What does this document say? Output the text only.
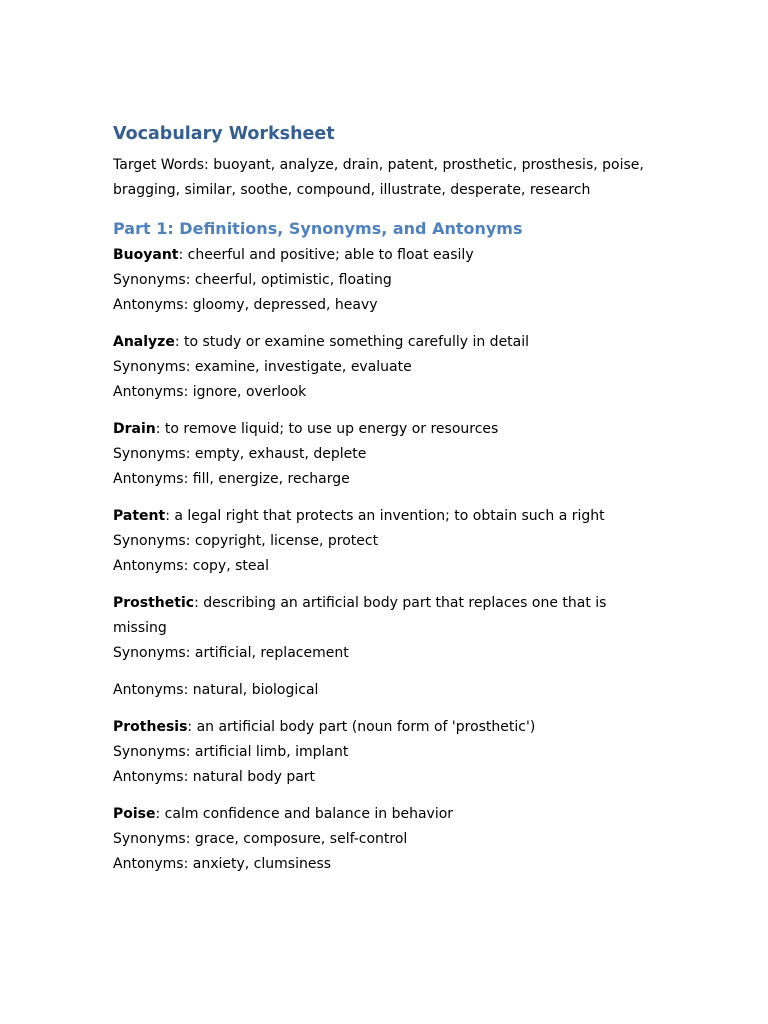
Vocabulary Worksheet

Target Words: buoyant, analyze, drain, patent, prosthetic, prosthesis, poise, bragging, similar, soothe, compound, illustrate, desperate, research

Part 1: Definitions, Synonyms, and Antonyms

Buoyant: cheerful and positive; able to float easily

Synonyms: cheerful, optimistic, floating

Antonyms: gloomy, depressed, heavy

Analyze: to study or examine something carefully in detail

Synonyms: examine, investigate, evaluate

Antonyms: ignore, overlook

Drain: to remove liquid; to use up energy or resources

Synonyms: empty, exhaust, deplete

Antonyms: fill, energize, recharge

Patent: a legal right that protects an invention; to obtain such a right

Synonyms: copyright, license, protect

Antonyms: copy, steal

Prosthetic: describing an artificial body part that replaces one that is missing

Synonyms: artificial, replacement

Antonyms: natural, biological

Prothesis: an artificial body part (noun form of 'prosthetic')

Synonyms: artificial limb, implant

Antonyms: natural body part

Poise: calm confidence and balance in behavior

Synonyms: grace, composure, self-control

Antonyms: anxiety, clumsiness
